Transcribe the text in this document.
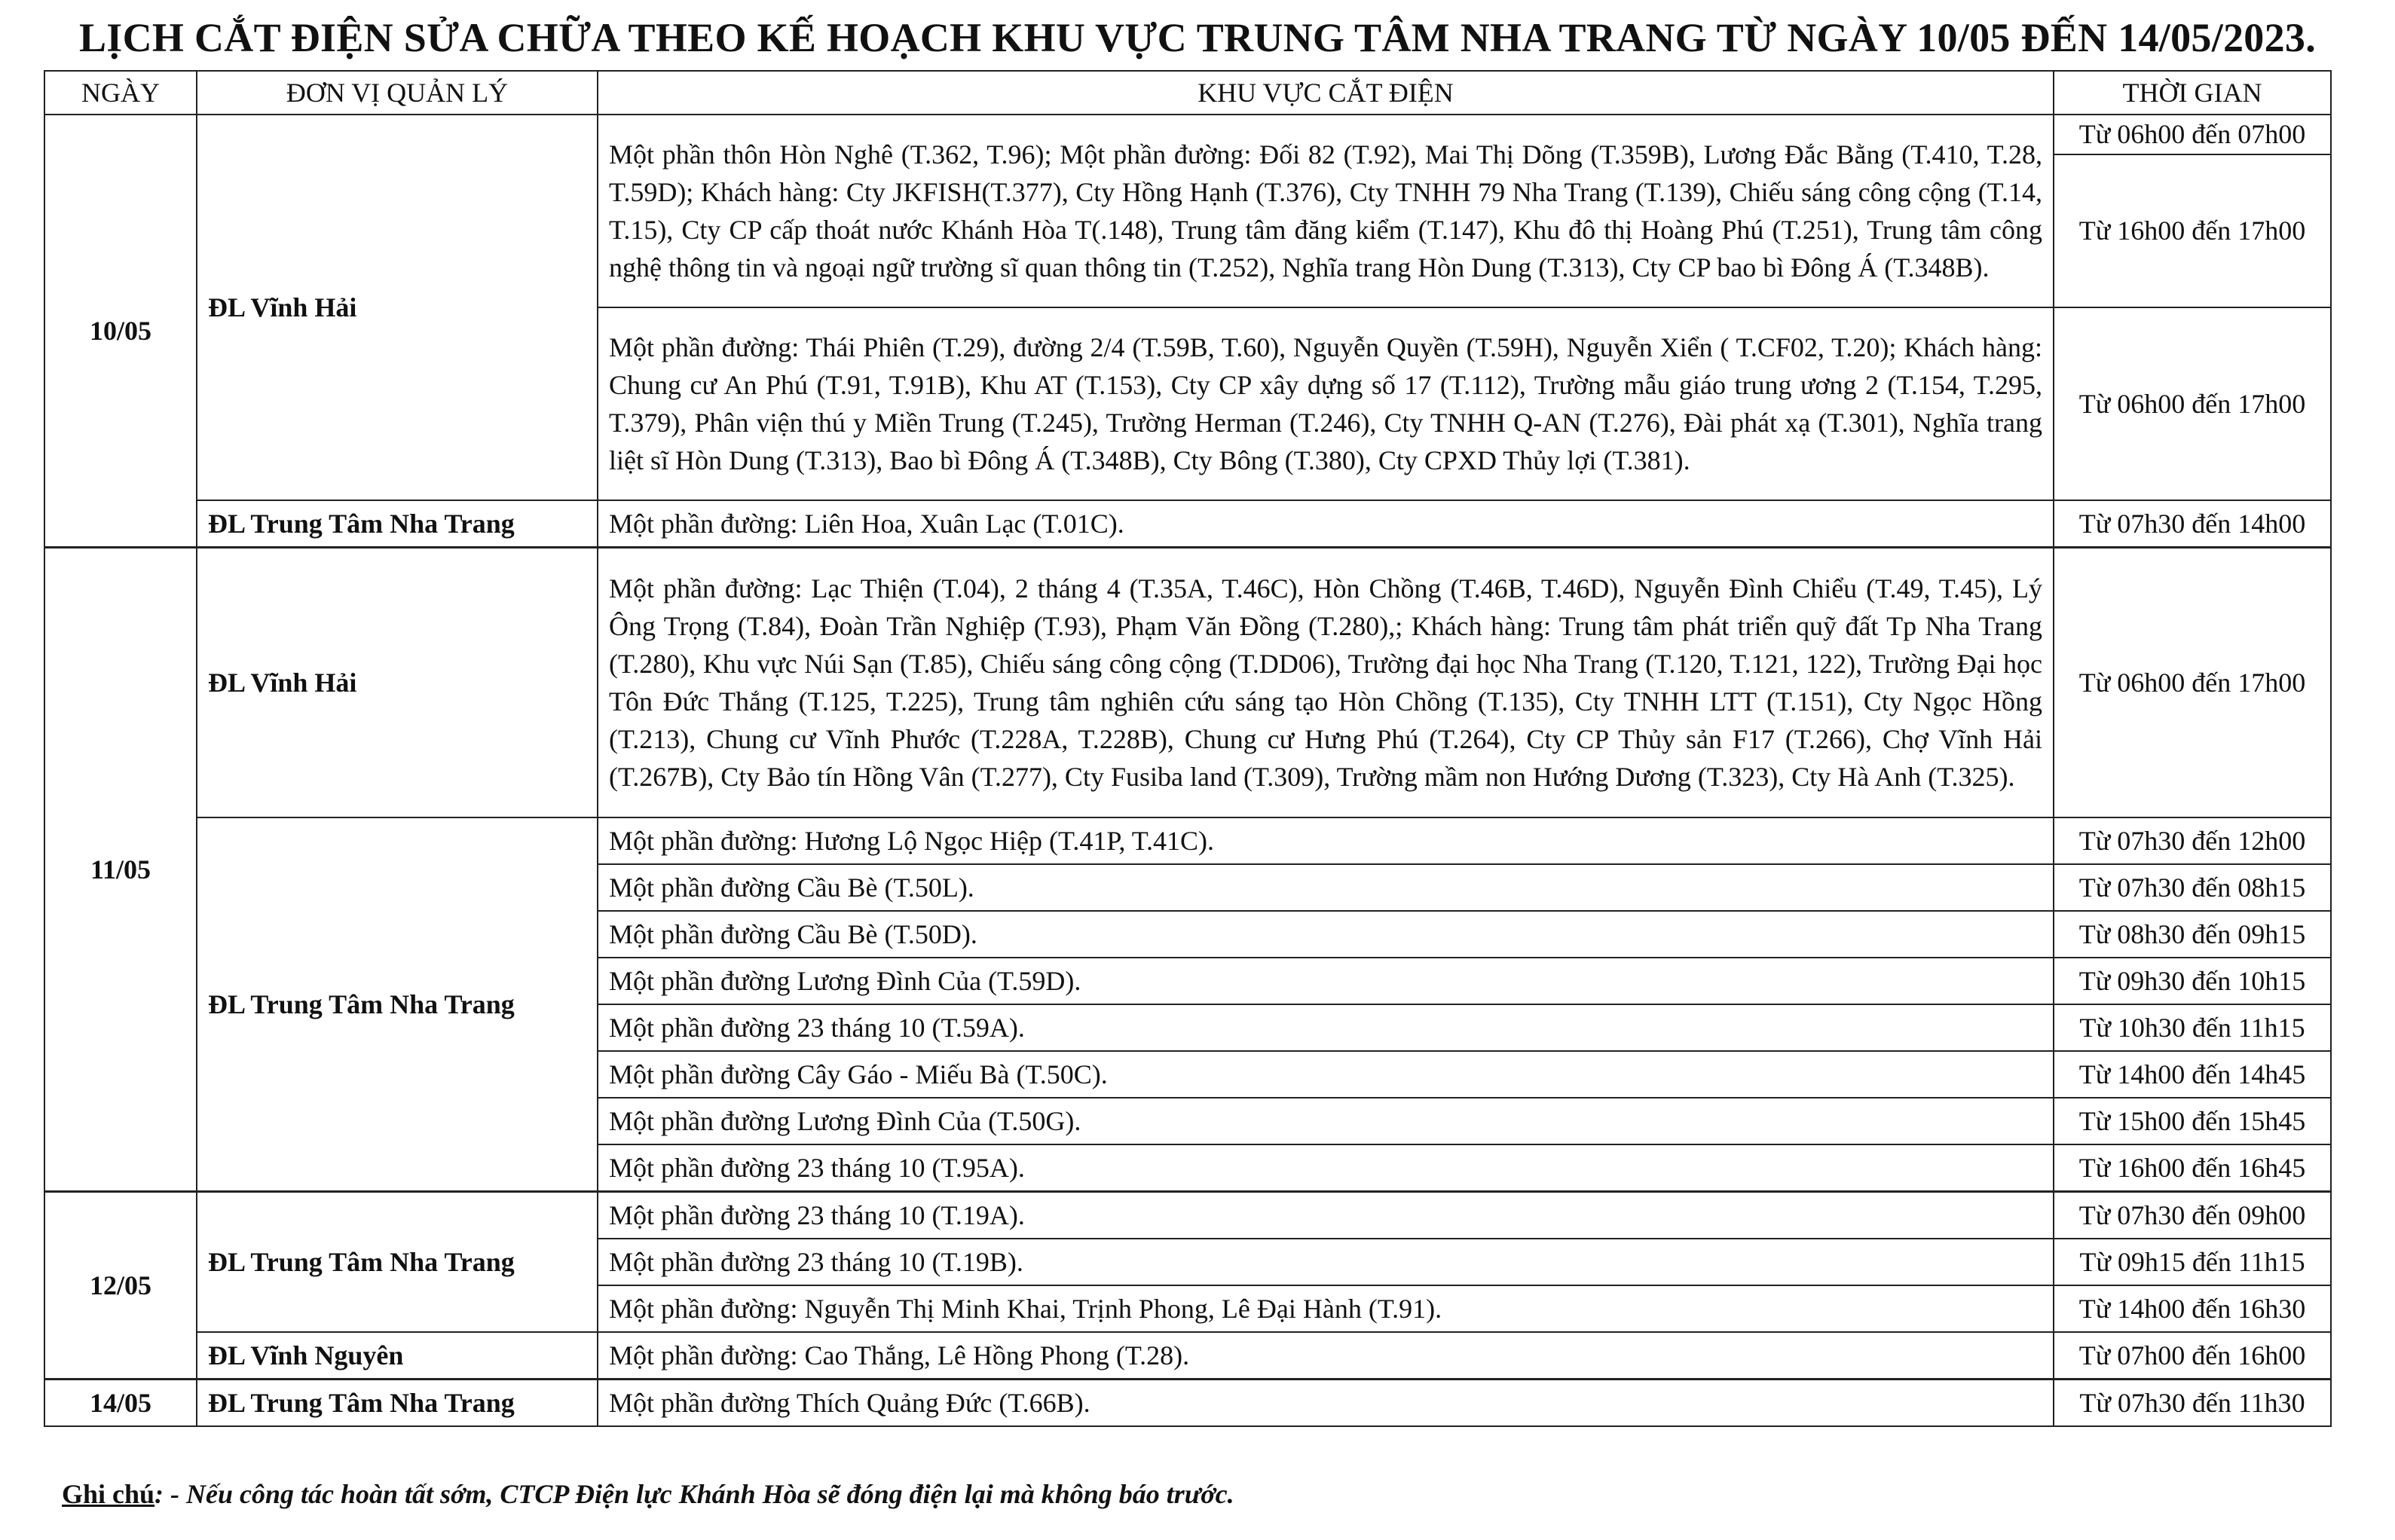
LỊCH CẮT ĐIỆN SỬA CHỮA THEO KẾ HOẠCH KHU VỰC TRUNG TÂM NHA TRANG TỪ NGÀY 10/05 ĐẾN 14/05/2023.
NGÀY	ĐƠN VỊ QUẢN LÝ	KHU VỰC CẮT ĐIỆN	THỜI GIAN
10/05	ĐL Vĩnh Hải	Một phần thôn Hòn Nghê (T.362, T.96); Một phần đường: Đối 82 (T.92), Mai Thị Dõng (T.359B), Lương Đắc Bằng (T.410, T.28, T.59D); Khách hàng: Cty JKFISH(T.377), Cty Hồng Hạnh (T.376), Cty TNHH 79 Nha Trang (T.139), Chiếu sáng công cộng (T.14, T.15), Cty CP cấp thoát nước Khánh Hòa T(.148), Trung tâm đăng kiểm (T.147), Khu đô thị Hoàng Phú (T.251), Trung tâm công nghệ thông tin và ngoại ngữ trường sĩ quan thông tin (T.252), Nghĩa trang Hòn Dung (T.313), Cty CP bao bì Đông Á (T.348B).	Từ 06h00 đến 07h00
			Từ 16h00 đến 17h00
		Một phần đường: Thái Phiên (T.29), đường 2/4 (T.59B, T.60), Nguyễn Quyền (T.59H), Nguyễn Xiển ( T.CF02, T.20); Khách hàng: Chung cư An Phú (T.91, T.91B), Khu AT (T.153), Cty CP xây dựng số 17 (T.112), Trường mẫu giáo trung ương 2 (T.154, T.295, T.379), Phân viện thú y Miền Trung (T.245), Trường Herman (T.246), Cty TNHH Q-AN (T.276), Đài phát xạ (T.301), Nghĩa trang liệt sĩ Hòn Dung (T.313), Bao bì Đông Á (T.348B), Cty Bông (T.380), Cty CPXD Thủy lợi (T.381).	Từ 06h00 đến 17h00
	ĐL Trung Tâm Nha Trang	Một phần đường: Liên Hoa, Xuân Lạc (T.01C).	Từ 07h30 đến 14h00
11/05	ĐL Vĩnh Hải	Một phần đường: Lạc Thiện (T.04), 2 tháng 4 (T.35A, T.46C), Hòn Chồng (T.46B, T.46D), Nguyễn Đình Chiểu (T.49, T.45), Lý Ông Trọng (T.84), Đoàn Trần Nghiệp (T.93), Phạm Văn Đồng (T.280),; Khách hàng: Trung tâm phát triển quỹ đất Tp Nha Trang (T.280), Khu vực Núi Sạn (T.85), Chiếu sáng công cộng (T.DD06), Trường đại học Nha Trang (T.120, T.121, 122), Trường Đại học Tôn Đức Thắng (T.125, T.225), Trung tâm nghiên cứu sáng tạo Hòn Chồng (T.135), Cty TNHH LTT (T.151), Cty Ngọc Hồng (T.213), Chung cư Vĩnh Phước (T.228A, T.228B), Chung cư Hưng Phú (T.264), Cty CP Thủy sản F17 (T.266), Chợ Vĩnh Hải (T.267B), Cty Bảo tín Hồng Vân (T.277), Cty Fusiba land (T.309), Trường mầm non Hướng Dương (T.323), Cty Hà Anh (T.325).	Từ 06h00 đến 17h00
	ĐL Trung Tâm Nha Trang	Một phần đường: Hương Lộ Ngọc Hiệp (T.41P, T.41C).	Từ 07h30 đến 12h00
		Một phần đường Cầu Bè (T.50L).	Từ 07h30 đến 08h15
		Một phần đường Cầu Bè (T.50D).	Từ 08h30 đến 09h15
		Một phần đường Lương Đình Của (T.59D).	Từ 09h30 đến 10h15
		Một phần đường 23 tháng 10 (T.59A).	Từ 10h30 đến 11h15
		Một phần đường Cây Gáo - Miếu Bà (T.50C).	Từ 14h00 đến 14h45
		Một phần đường Lương Đình Của (T.50G).	Từ 15h00 đến 15h45
		Một phần đường 23 tháng 10 (T.95A).	Từ 16h00 đến 16h45
12/05	ĐL Trung Tâm Nha Trang	Một phần đường 23 tháng 10 (T.19A).	Từ 07h30 đến 09h00
		Một phần đường 23 tháng 10 (T.19B).	Từ 09h15 đến 11h15
		Một phần đường: Nguyễn Thị Minh Khai, Trịnh Phong, Lê Đại Hành (T.91).	Từ 14h00 đến 16h30
	ĐL Vĩnh Nguyên	Một phần đường: Cao Thắng, Lê Hồng Phong (T.28).	Từ 07h00 đến 16h00
14/05	ĐL Trung Tâm Nha Trang	Một phần đường Thích Quảng Đức (T.66B).	Từ 07h30 đến 11h30
Ghi chú: - Nếu công tác hoàn tất sớm, CTCP Điện lực Khánh Hòa sẽ đóng điện lại mà không báo trước.
